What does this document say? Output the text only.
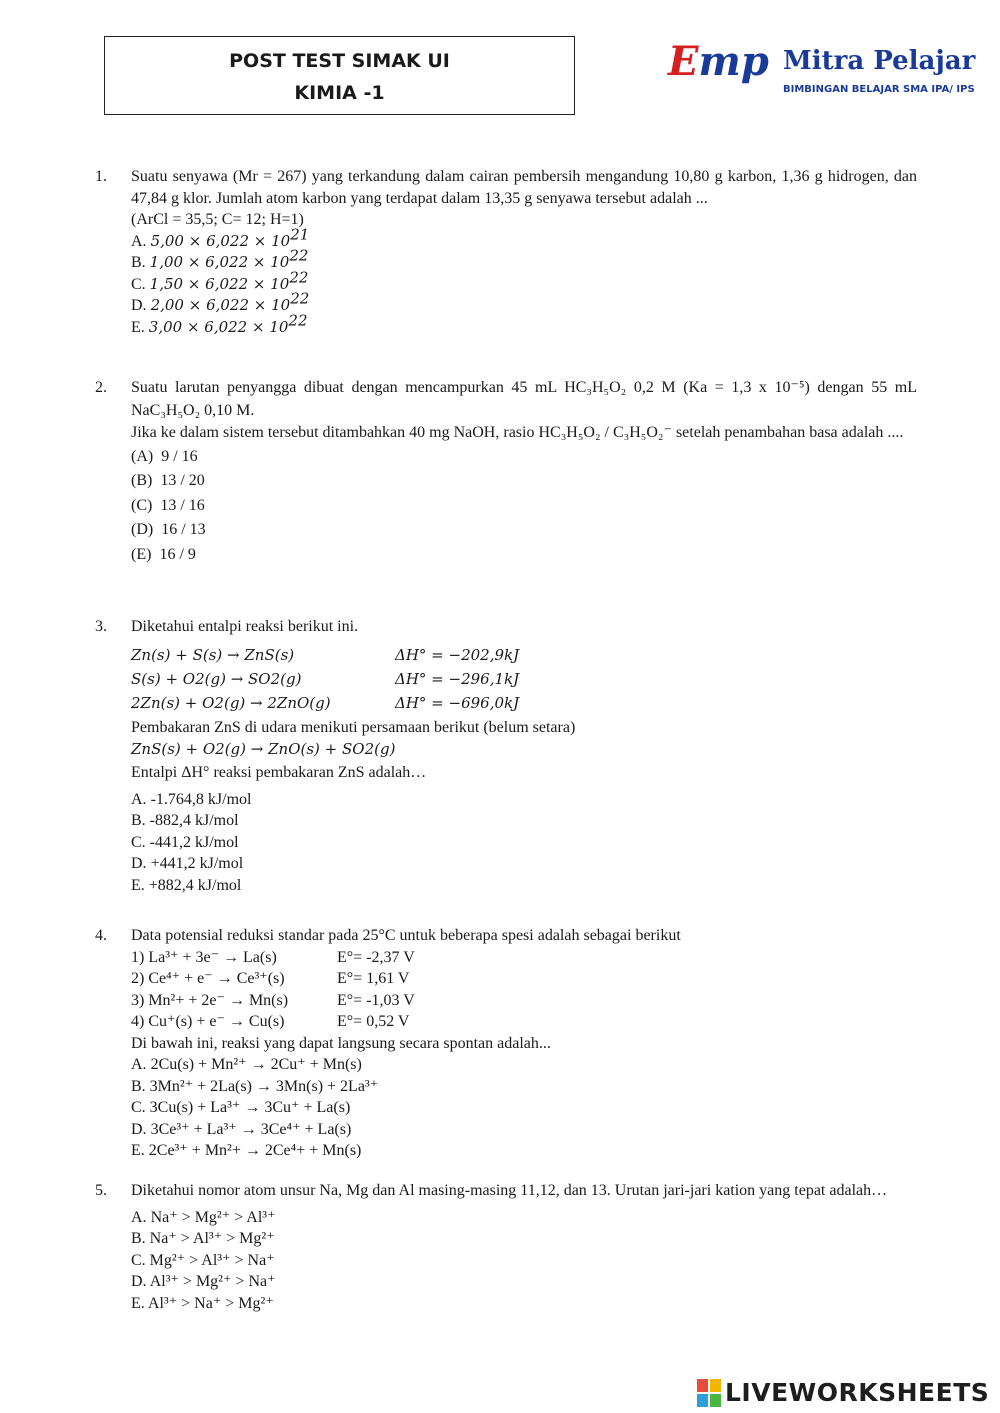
POST TEST SIMAK UI
KIMIA -1
Emp Mitra Pelajar
BIMBINGAN BELAJAR SMA IPA/ IPS
1. Suatu senyawa (Mr = 267) yang terkandung dalam cairan pembersih mengandung 10,80 g karbon, 1,36 g hidrogen, dan 47,84 g klor. Jumlah atom karbon yang terdapat dalam 13,35 g senyawa tersebut adalah ...

(ArCl = 35,5; C= 12; H=1)

A. $5,00 \times 6,022 \times 10^{21}$
B. $1,00 \times 6,022 \times 10^{22}$
C. $1,50 \times 6,022 \times 10^{22}$
D. $2,00 \times 6,022 \times 10^{22}$
E. $3,00 \times 6,022 \times 10^{22}$
2. Suatu larutan penyangga dibuat dengan mencampurkan 45 mL HC₃H₅O₂ 0,2 M (Ka = 1,3 x 10⁻⁵) dengan 55 mL NaC₃H₅O₂ 0,10 M.

Jika ke dalam sistem tersebut ditambahkan 40 mg NaOH, rasio HC₃H₅O₂ / C₃H₅O₂⁻ setelah penambahan basa adalah ....

(A) 9 / 16
(B) 13 / 20
(C) 13 / 16
(D) 16 / 13
(E) 16 / 9
3. Diketahui entalpi reaksi berikut ini.

Zn(s) + S(s) → ZnS(s)	ΔH° = −202,9kJ
S(s) + O2(g) → SO2(g)	ΔH° = −296,1kJ
2Zn(s) + O2(g) → 2ZnO(g)	ΔH° = −696,0kJ

Pembakaran ZnS di udara menikuti persamaan berikut (belum setara)

ZnS(s) + O2(g) → ZnO(s) + SO2(g)

Entalpi ΔH° reaksi pembakaran ZnS adalah…

A. -1.764,8 kJ/mol
B. -882,4 kJ/mol
C. -441,2 kJ/mol
D. +441,2 kJ/mol
E. +882,4 kJ/mol
4. Data potensial reduksi standar pada 25°C untuk beberapa spesi adalah sebagai berikut

1) La³⁺ + 3e⁻ → La(s)	E°= -2,37 V
2) Ce⁴⁺ + e⁻ → Ce³⁺(s)	E°= 1,61 V
3) Mn²+ + 2e⁻ → Mn(s)	E°= -1,03 V
4) Cu⁺(s) + e⁻ → Cu(s)	E°= 0,52 V

Di bawah ini, reaksi yang dapat langsung secara spontan adalah...

A. 2Cu(s) + Mn²⁺ → 2Cu⁺ + Mn(s)
B. 3Mn²⁺ + 2La(s) → 3Mn(s) + 2La³⁺
C. 3Cu(s) + La³⁺ → 3Cu⁺ + La(s)
D. 3Ce³⁺ + La³⁺ → 3Ce⁴⁺ + La(s)
E. 2Ce³⁺ + Mn²+ → 2Ce⁴+ + Mn(s)
5. Diketahui nomor atom unsur Na, Mg dan Al masing-masing 11,12, dan 13. Urutan jari-jari kation yang tepat adalah…

A. Na⁺ > Mg²⁺ > Al³⁺
B. Na⁺ > Al³⁺ > Mg²⁺
C. Mg²⁺ > Al³⁺ > Na⁺
D. Al³⁺ > Mg²⁺ > Na⁺
E. Al³⁺ > Na⁺ > Mg²⁺
LIVEWORKSHEETS
